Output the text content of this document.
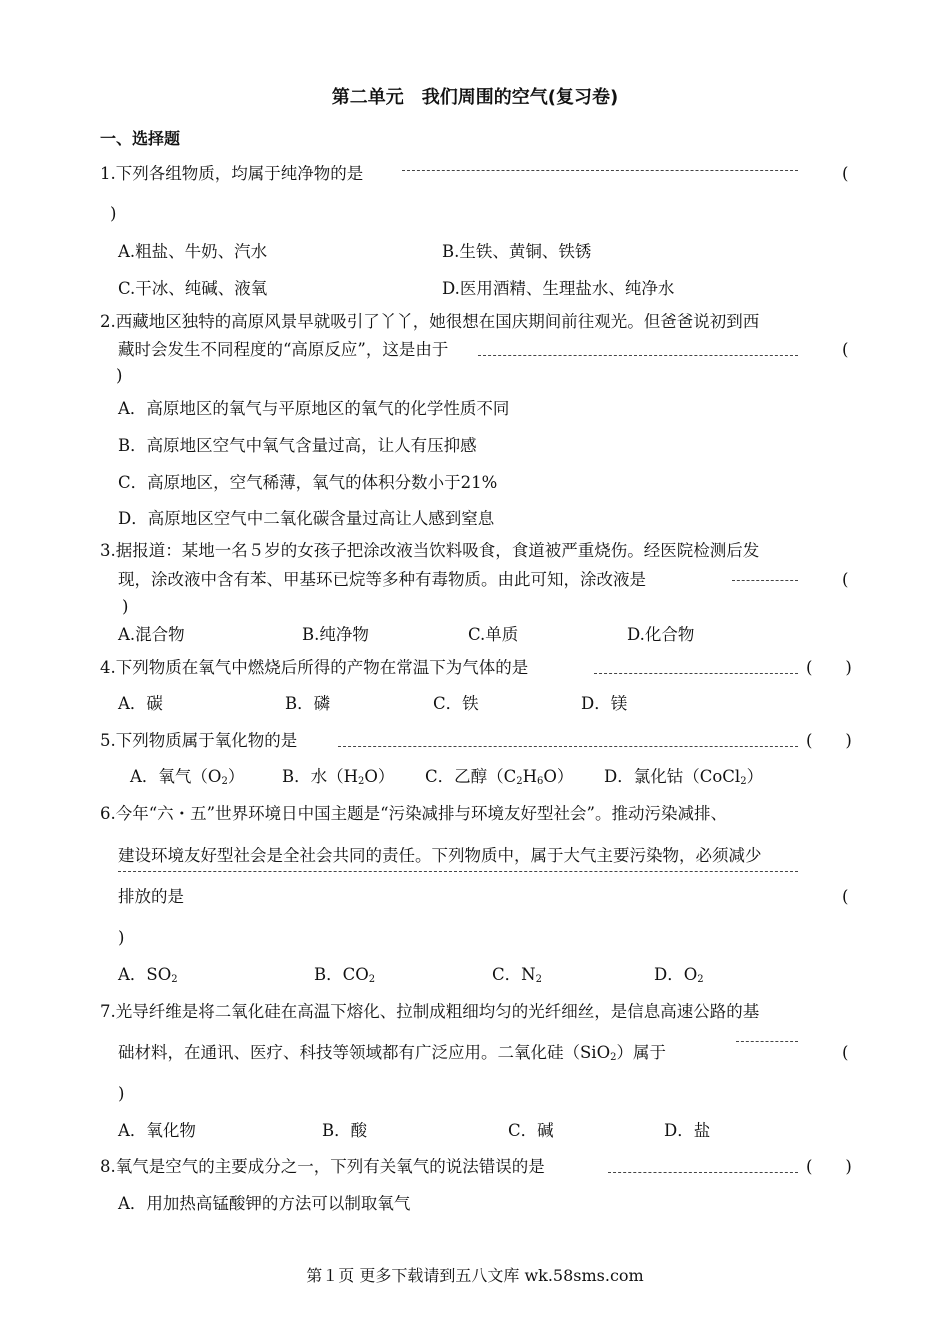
第二单元　我们周围的空气(复习卷)
一、选择题
1.下列各组物质，均属于纯净物的是	(
)
A.粗盐、牛奶、汽水	B.生铁、黄铜、铁锈
C.干冰、纯碱、液氧	D.医用酒精、生理盐水、纯净水
2.西藏地区独特的高原风景早就吸引了丫丫，她很想在国庆期间前往观光。但爸爸说初到西
藏时会发生不同程度的“高原反应”，这是由于	(
)
A．高原地区的氧气与平原地区的氧气的化学性质不同
B．高原地区空气中氧气含量过高，让人有压抑感
C．高原地区，空气稀薄，氧气的体积分数小于21%
D．高原地区空气中二氧化碳含量过高让人感到窒息
3.据报道：某地一名５岁的女孩子把涂改液当饮料吸食，食道被严重烧伤。经医院检测后发
现，涂改液中含有苯、甲基环已烷等多种有毒物质。由此可知，涂改液是	(
)
A.混合物	B.纯净物	C.单质	D.化合物
4.下列物质在氧气中燃烧后所得的产物在常温下为气体的是	(　　)
A．碳	B．磷	C．铁	D．镁
5.下列物质属于氧化物的是	(　　)
A．氧气$(O_2)$ B．水$(H_2O)$ C．乙醇$(C_2H_6O)$ D．氯化钴（CoCl$_2$）
6.今年“六・五”世界环境日中国主题是“污染减排与环境友好型社会”。推动污染减排、
建设环境友好型社会是全社会共同的责任。下列物质中，属于大气主要污染物，必须减少
排放的是	(
)
A．$SO_2$	B．$CO_2$	C．$N_2$	D．$O_2$
7.光导纤维是将二氧化硅在高温下熔化、拉制成粗细均匀的光纤细丝，是信息高速公路的基
础材料，在通讯、医疗、科技等领域都有广泛应用。二氧化硅（SiO$_2$）属于	(
)
A．氧化物	B．酸	C．碱	D．盐
8.氧气是空气的主要成分之一，下列有关氧气的说法错误的是	(　　)
A．用加热高锰酸钾的方法可以制取氧气
第１页 更多下载请到五八文库 wk.58sms.com
